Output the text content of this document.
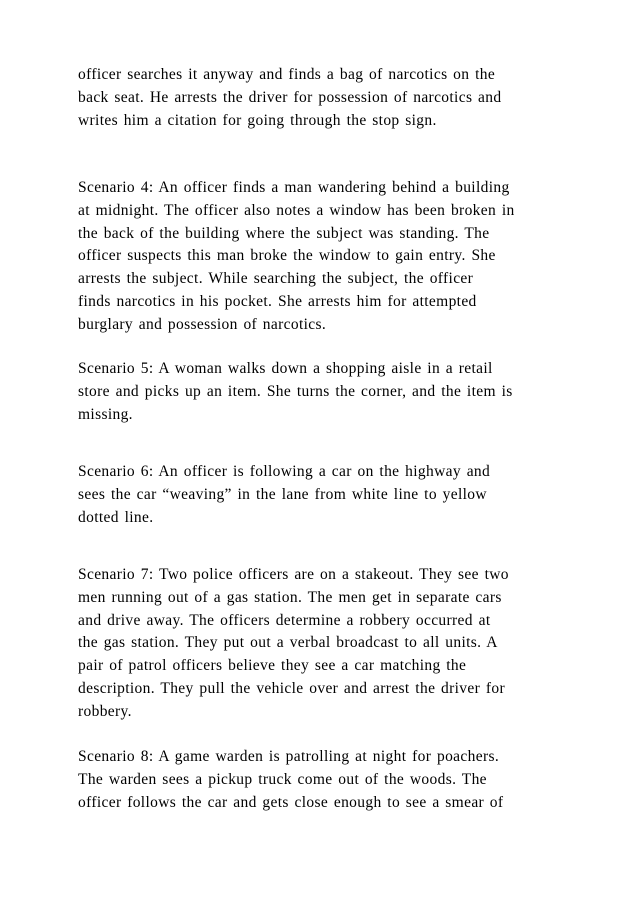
officer searches it anyway and finds a bag of narcotics on the
back seat. He arrests the driver for possession of narcotics and
writes him a citation for going through the stop sign.
Scenario 4: An officer finds a man wandering behind a building
at midnight. The officer also notes a window has been broken in
the back of the building where the subject was standing. The
officer suspects this man broke the window to gain entry. She
arrests the subject. While searching the subject, the officer
finds narcotics in his pocket. She arrests him for attempted
burglary and possession of narcotics.
Scenario 5: A woman walks down a shopping aisle in a retail
store and picks up an item. She turns the corner, and the item is
missing.
Scenario 6: An officer is following a car on the highway and
sees the car “weaving” in the lane from white line to yellow
dotted line.
Scenario 7: Two police officers are on a stakeout. They see two
men running out of a gas station. The men get in separate cars
and drive away. The officers determine a robbery occurred at
the gas station. They put out a verbal broadcast to all units. A
pair of patrol officers believe they see a car matching the
description. They pull the vehicle over and arrest the driver for
robbery.
Scenario 8: A game warden is patrolling at night for poachers.
The warden sees a pickup truck come out of the woods. The
officer follows the car and gets close enough to see a smear of
